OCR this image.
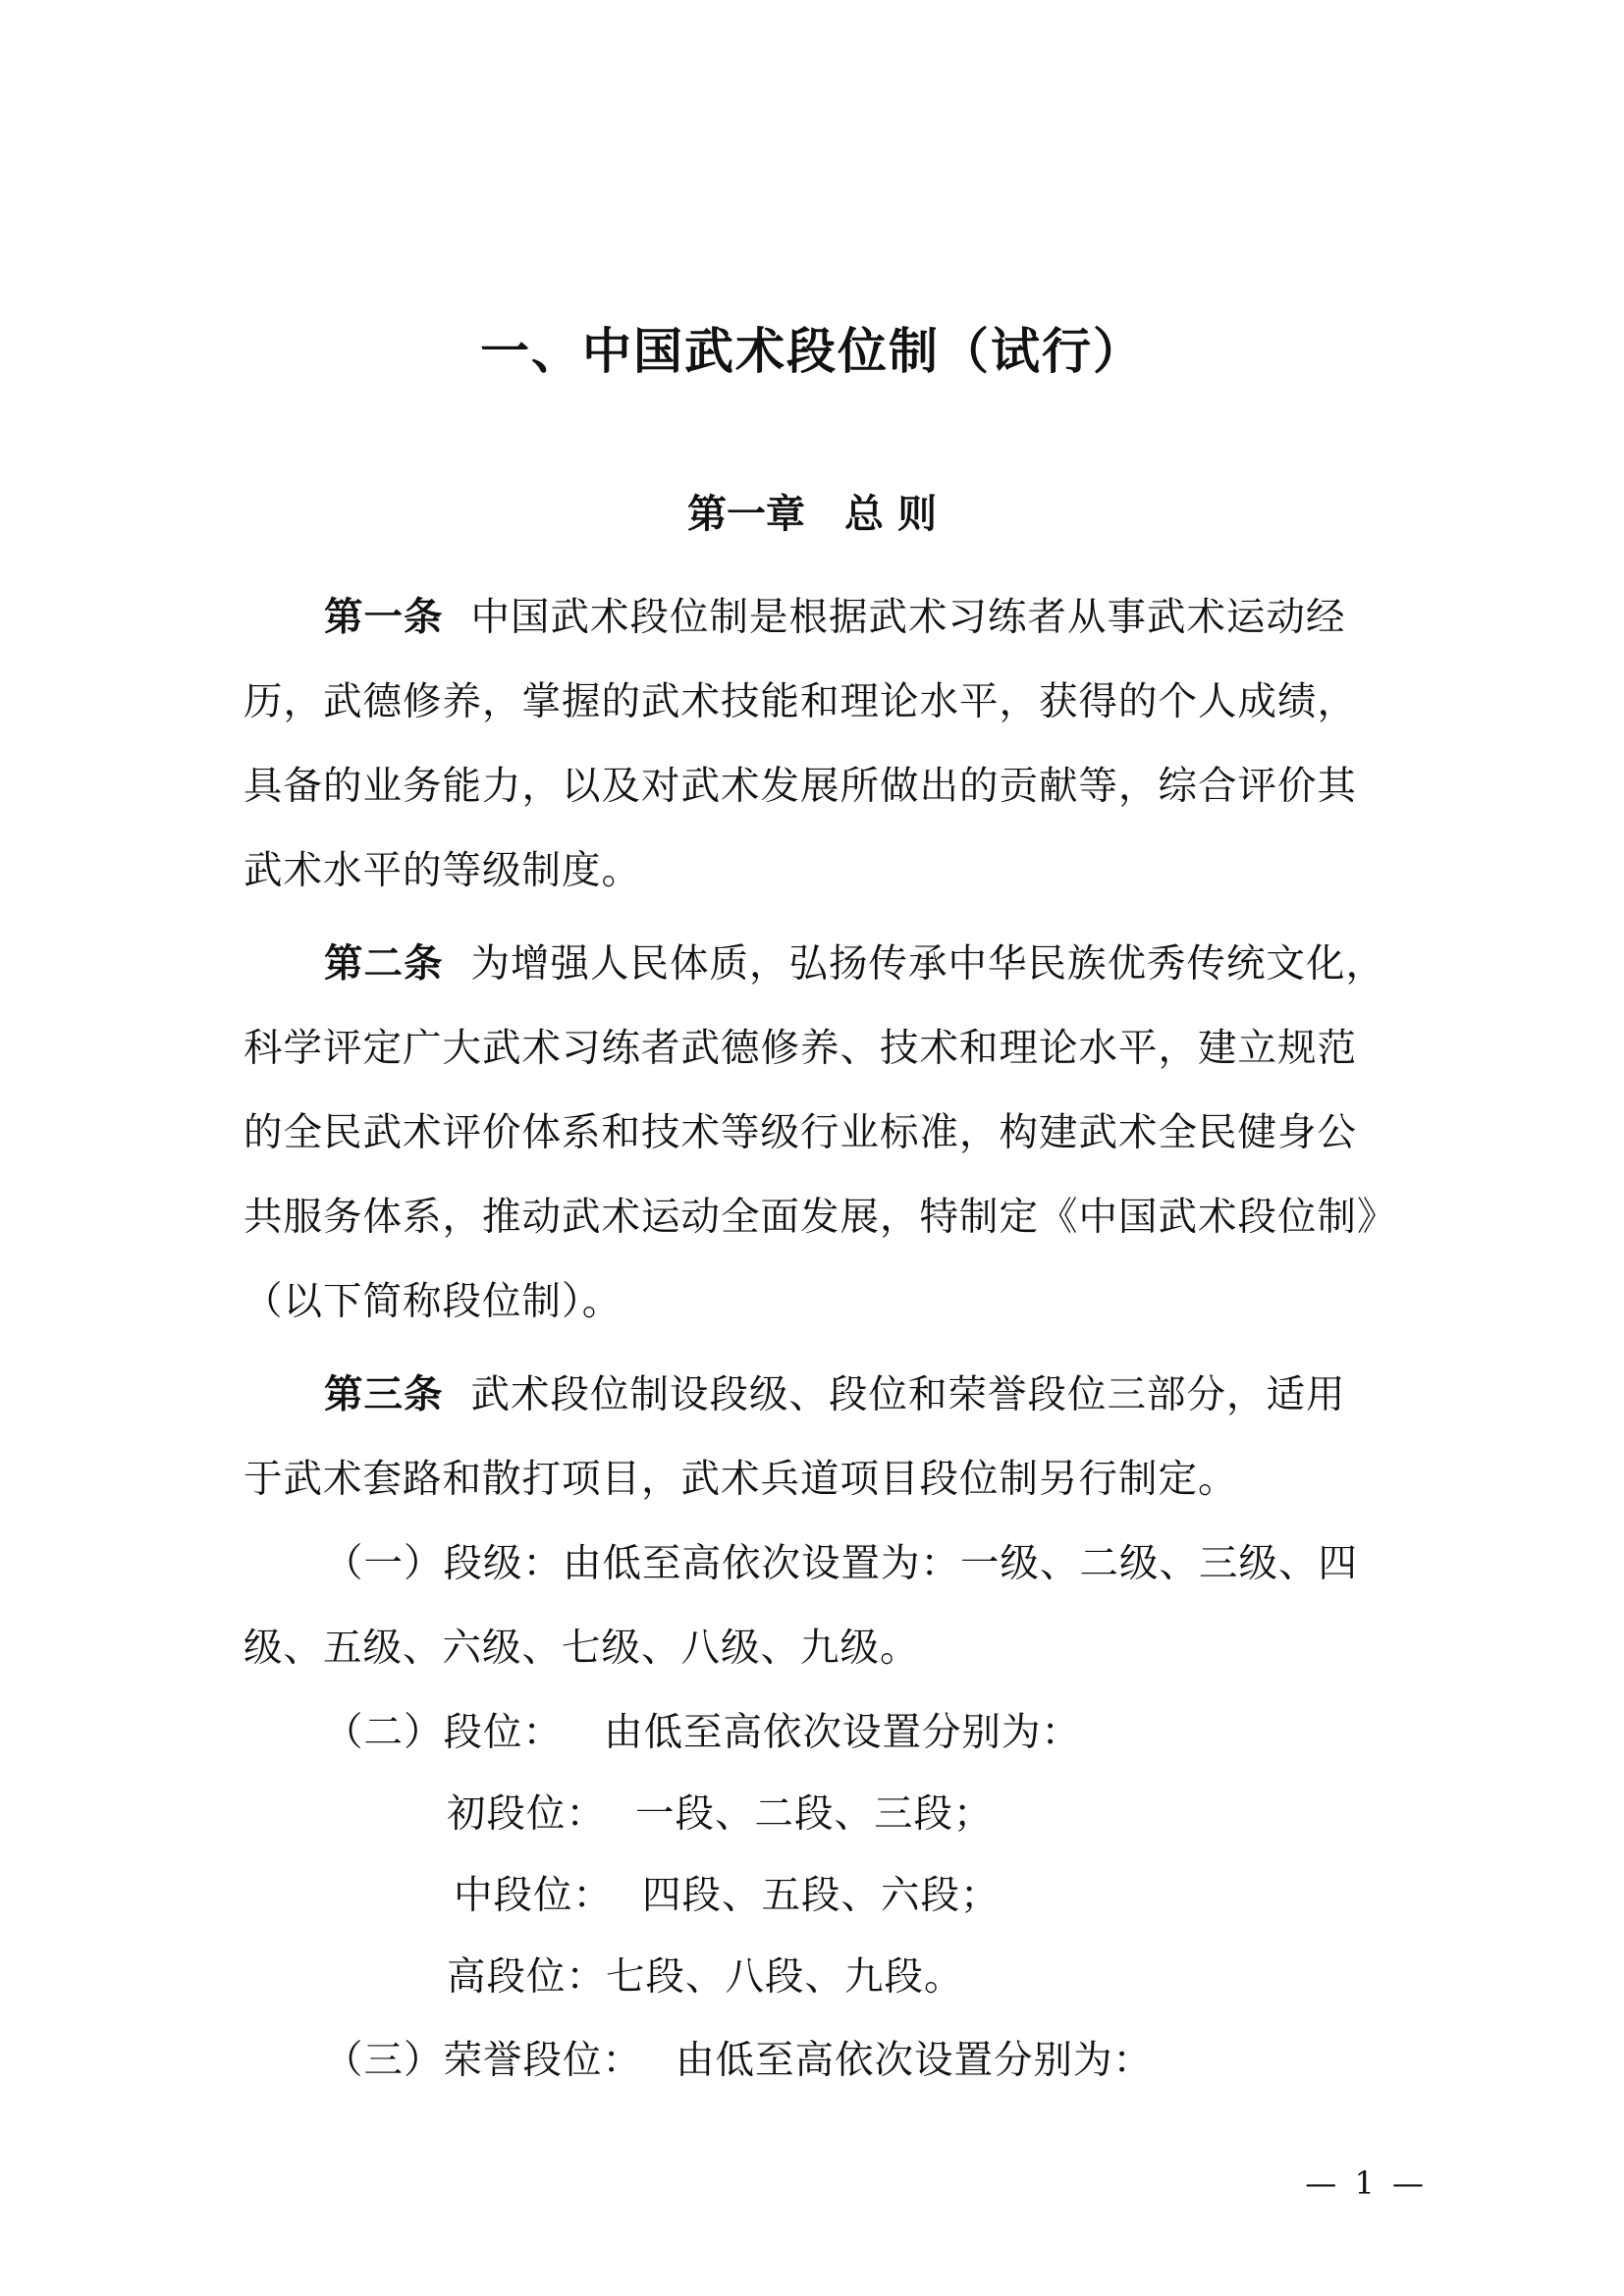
一、中国武术段位制（试行）
第一章 总 则

第一条 中国武术段位制是根据武术习练者从事武术运动经

历，武德修养，掌握的武术技能和理论水平，获得的个人成绩，

具备的业务能力，以及对武术发展所做出的贡献等，综合评价其

武术水平的等级制度。

第二条 为增强人民体质，弘扬传承中华民族优秀传统文化，

科学评定广大武术习练者武德修养、技术和理论水平，建立规范

的全民武术评价体系和技术等级行业标准，构建武术全民健身公

共服务体系，推动武术运动全面发展，特制定《中国武术段位制》

（以下简称段位制）。

第三条 武术段位制设段级、段位和荣誉段位三部分，适用

于武术套路和散打项目，武术兵道项目段位制另行制定。

（一）段级：由低至高依次设置为：一级、二级、三级、四

级、五级、六级、七级、八级、九级。

（二）段位： 由低至高依次设置分别为：

初段位： 一段、二段、三段；

中段位： 四段、五段、六段；

高段位：七段、八段、九段。

（三）荣誉段位： 由低至高依次设置分别为：

— 1 —
